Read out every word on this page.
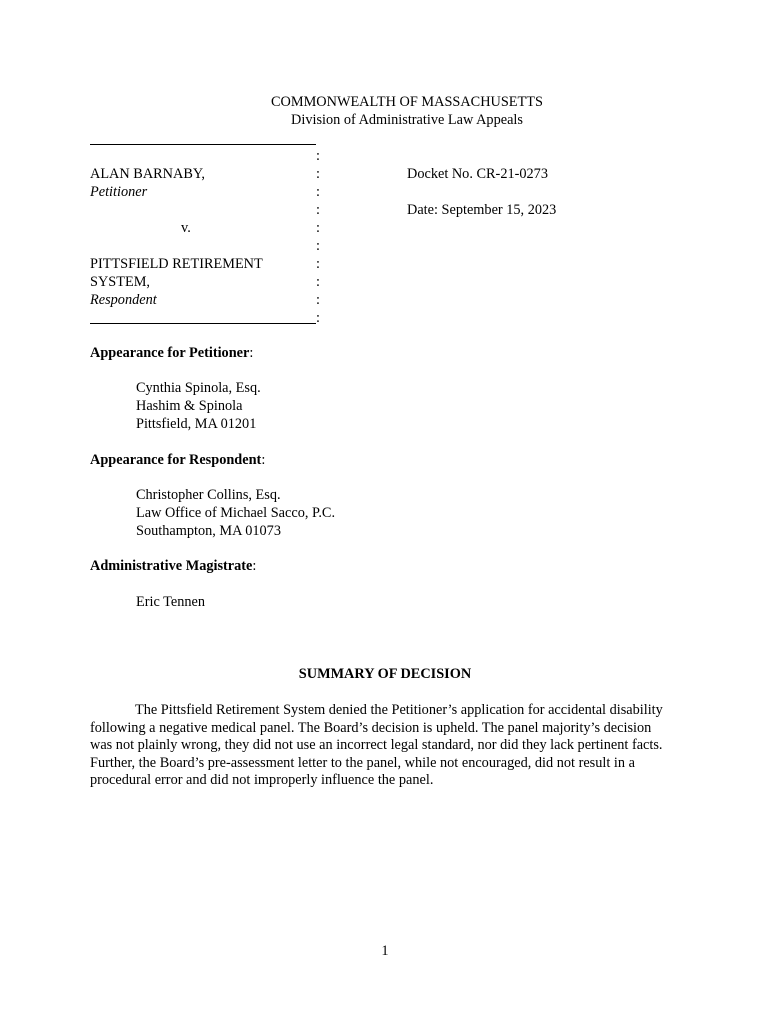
COMMONWEALTH OF MASSACHUSETTS
Division of Administrative Law Appeals
:
:
:
:
:
:
:
:
:
:
ALAN BARNABY,
Petitioner
v.
PITTSFIELD RETIREMENT
SYSTEM,
Respondent
Docket No. CR-21-0273
Date: September 15, 2023
Appearance for Petitioner:
Cynthia Spinola, Esq.
Hashim & Spinola
Pittsfield, MA 01201
Appearance for Respondent:
Christopher Collins, Esq.
Law Office of Michael Sacco, P.C.
Southampton, MA 01073
Administrative Magistrate:
Eric Tennen
SUMMARY OF DECISION

The Pittsfield Retirement System denied the Petitioner’s application for accidental disability following a negative medical panel. The Board’s decision is upheld. The panel majority’s decision was not plainly wrong, they did not use an incorrect legal standard, nor did they lack pertinent facts. Further, the Board’s pre-assessment letter to the panel, while not encouraged, did not result in a procedural error and did not improperly influence the panel.

1
